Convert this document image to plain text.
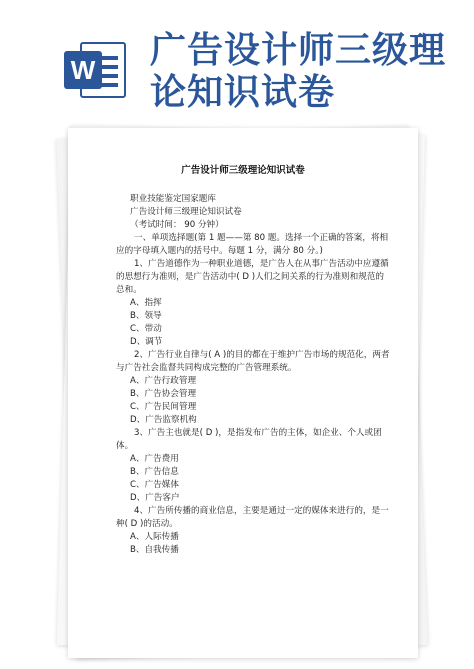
W 广告设计师三级理
论知识试卷
广告设计师三级理论知识试卷

职业技能鉴定国家题库

广告设计师三级理论知识试卷

（考试时间： 90 分钟）

一、单项选择题(第 1 题——第 80 题。选择一个正确的答案，将相应的字母填入题内的括号中。每题 1 分，满分 80 分。)

1、广告道德作为一种职业道德，是广告人在从事广告活动中应遵循的思想行为准则，是广告活动中( D )人们之间关系的行为准则和规范的总和。

A、指挥

B、领导

C、带动

D、调节

2、广告行业自律与( A )的目的都在于维护广告市场的规范化，两者与广告社会监督共同构成完整的广告管理系统。

A、广告行政管理

B、广告协会管理

C、广告民间管理

D、广告监察机构

3、广告主也就是( D )，是指发布广告的主体，如企业、个人或团体。

A、广告费用

B、广告信息

C、广告媒体

D、广告客户

4、广告所传播的商业信息，主要是通过一定的媒体来进行的，是一种( D )的活动。

A、人际传播

B、自我传播
